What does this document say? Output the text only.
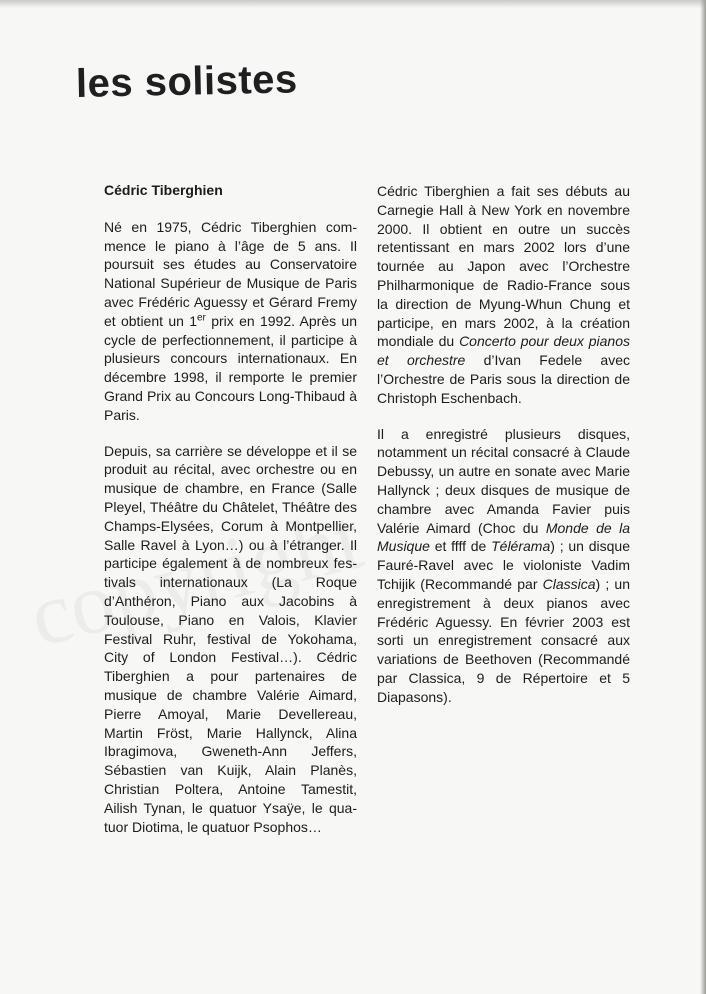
les solistes
Cédric Tiberghien

Né en 1975, Cédric Tiberghien commence le piano à l’âge de 5 ans. Il poursuit ses études au Conservatoire National Supérieur de Musique de Paris avec Frédéric Aguessy et Gérard Fremy et obtient un 1er prix en 1992. Après un cycle de perfectionnement, il participe à plusieurs concours internationaux. En décembre 1998, il remporte le premier Grand Prix au Concours Long-Thibaud à Paris.

Depuis, sa carrière se développe et il se produit au récital, avec orchestre ou en musique de chambre, en France (Salle Pleyel, Théâtre du Châtelet, Théâtre des Champs-Elysées, Corum à Montpellier, Salle Ravel à Lyon…) ou à l’étranger. Il participe également à de nombreux festivals internationaux (La Roque d’Anthéron, Piano aux Jacobins à Toulouse, Piano en Valois, Klavier Festival Ruhr, festival de Yokohama, City of London Festival…). Cédric Tiberghien a pour partenaires de musique de chambre Valérie Aimard, Pierre Amoyal, Marie Devellereau, Martin Fröst, Marie Hallynck, Alina Ibragimova, Gweneth-Ann Jeffers, Sébastien van Kuijk, Alain Planès, Christian Poltera, Antoine Tamestit, Ailish Tynan, le quatuor Ysaÿe, le quatuor Diotima, le quatuor Psophos…

Cédric Tiberghien a fait ses débuts au Carnegie Hall à New York en novembre 2000. Il obtient en outre un succès retentissant en mars 2002 lors d’une tournée au Japon avec l’Orchestre Philharmonique de Radio-France sous la direction de Myung-Whun Chung et participe, en mars 2002, à la création mondiale du Concerto pour deux pianos et orchestre d’Ivan Fedele avec l’Orchestre de Paris sous la direction de Christoph Eschenbach.

Il a enregistré plusieurs disques, notamment un récital consacré à Claude Debussy, un autre en sonate avec Marie Hallynck ; deux disques de musique de chambre avec Amanda Favier puis Valérie Aimard (Choc du Monde de la Musique et ffff de Télérama) ; un disque Fauré-Ravel avec le violoniste Vadim Tchijik (Recommandé par Classica) ; un enregistrement à deux pianos avec Frédéric Aguessy. En février 2003 est sorti un enregistrement consacré aux variations de Beethoven (Recommandé par Classica, 9 de Répertoire et 5 Diapasons).
